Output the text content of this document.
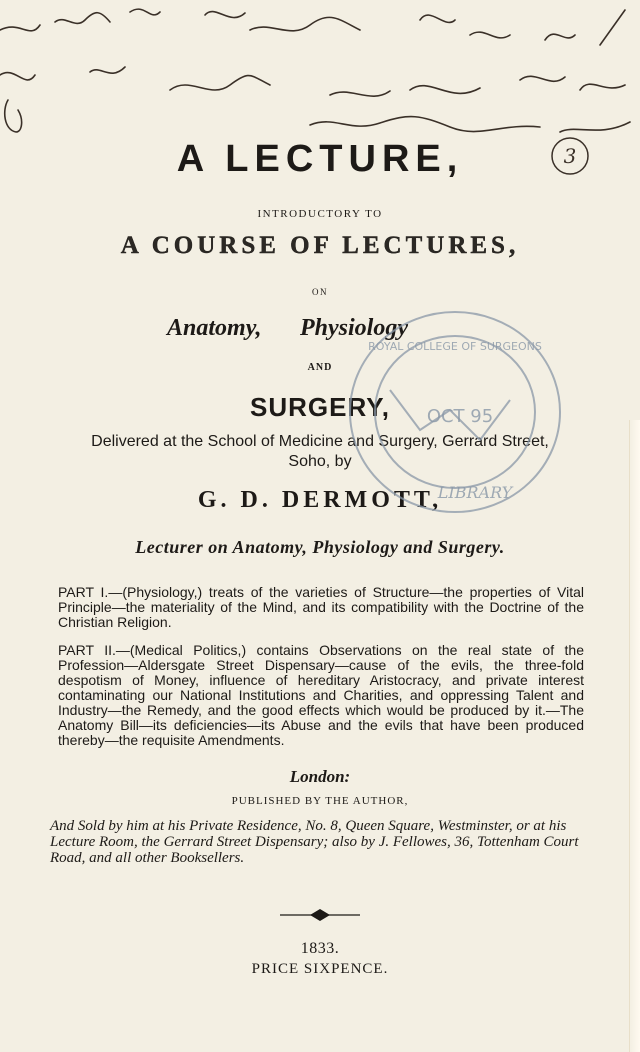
A LECTURE,	3
INTRODUCTORY TO
A COURSE OF LECTURES,
ON
Anatomy, Physiology
AND
SURGERY,
Delivered at the School of Medicine and Surgery, Gerrard Street,
Soho, by
G. D. DERMOTT,
ROYAL COLLEGE OF SURGEONS
OCT 95
LIBRARY
Lecturer on Anatomy, Physiology and Surgery.
PART I.—(Physiology,) treats of the varieties of Structure—the properties of Vital Principle—the materiality of the Mind, and its compatibility with the Doctrine of the Christian Religion.
PART II.—(Medical Politics,) contains Observations on the real state of the Profession—Aldersgate Street Dispensary—cause of the evils, the three-fold despotism of Money, influence of hereditary Aristocracy, and private interest contaminating our National Institutions and Charities, and oppressing Talent and Industry—the Remedy, and the good effects which would be produced by it.—The Anatomy Bill—its deficiencies—its Abuse and the evils that have been produced thereby—the requisite Amendments.
London:
PUBLISHED BY THE AUTHOR,
And Sold by him at his Private Residence, No. 8, Queen Square, Westminster, or at his Lecture Room, the Gerrard Street Dispensary; also by J. Fellowes, 36, Tottenham Court Road, and all other Booksellers.
1833.
PRICE SIXPENCE.
